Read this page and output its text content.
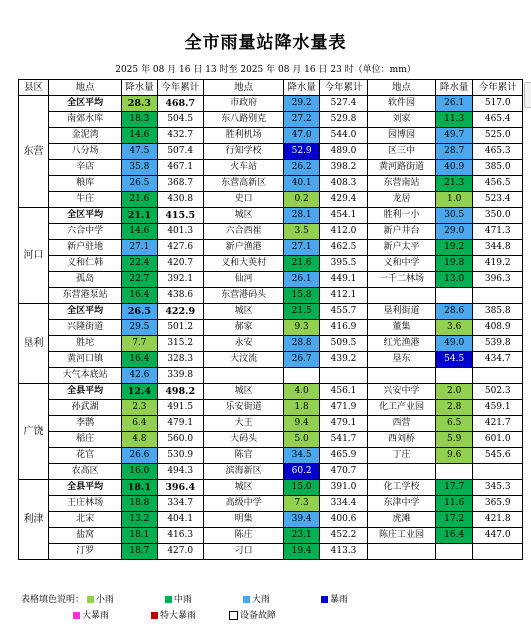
全市雨量站降水量表
2025 年 08 月 16 日 13 时至 2025 年 08 月 16 日 23 时（单位：mm）
县区	地点	降水量	今年累计	地点	降水量	今年累计	地点	降水量	今年累计
东营	全区平均	28.3	468.7	市政府	29.2	527.4	软件园	26.1	517.0
	南郊水库	18.3	504.5	东八路别克	27.2	529.8	刘家	11.3	465.4
	金泥湾	14.6	432.7	胜利机场	47.0	544.0	园博园	49.7	525.0
	八分场	47.5	507.4	行知学校	52.9	489.0	区三中	28.7	465.3
	辛店	35.8	467.1	火车站	26.2	398.2	黄河路街道	40.9	385.0
	粮库	26.5	368.7	东营高新区	40.1	408.3	东营南站	21.3	456.5
	牛庄	21.6	430.8	史口	0.2	429.4	龙居	1.0	523.4
河口	全区平均	21.1	415.5	城区	28.1	454.1	胜利一小	30.5	350.0
	六合中学	14.6	401.3	六合西崔	3.5	412.0	新户井台	29.0	471.3
	新户驻地	27.1	427.6	新户渔港	27.1	462.5	新户太平	19.2	344.8
	义和仁韩	22.4	420.7	义和大英村	21.6	395.5	义和中学	19.8	419.2
	孤岛	22.7	392.1	仙河	26.1	449.1	一千二林场	13.0	396.3
	东营港泵站	16.4	438.6	东营港码头	15.8	412.1			
垦利	全区平均	26.5	422.9	城区	21.5	455.7	垦利街道	28.6	385.8
	兴隆街道	29.5	501.2	郝家	9.3	416.9	董集	3.6	408.9
	胜坨	7.7	315.2	永安	28.8	509.5	红光渔港	49.0	539.8
	黄河口镇	16.4	328.3	大汶流	26.7	439.2	垦东	54.5	434.7
	大气本底站	42.6	339.8						
广饶	全县平均	12.4	498.2	城区	4.0	456.1	兴安中学	2.0	502.3
	孙武湖	2.3	491.5	乐安街道	1.8	471.9	化工产业园	2.8	459.1
	李鹊	6.4	479.1	大王	9.4	479.1	西营	6.5	421.7
	稻庄	4.8	560.0	大码头	5.0	541.7	西刘桥	5.9	601.0
	花官	26.6	530.9	陈官	34.5	465.9	丁庄	9.6	545.6
	农高区	16.0	494.3	滨海新区	60.2	470.7			
利津	全县平均	18.1	396.4	城区	15.0	391.0	化工学校	17.7	345.3
	王庄林场	18.8	334.7	高级中学	7.3	334.4	东津中学	11.6	365.9
	北宋	13.2	404.1	明集	39.4	400.6	虎滩	17.2	421.8
	盐窝	18.1	416.3	陈庄	23.1	452.2	陈庄工业园	16.4	447.0
	汀罗	18.7	427.0	刁口	19.4	413.3			
表格填色说明： 小雨	中雨	大雨	暴雨
大暴雨	特大暴雨	设备故障
